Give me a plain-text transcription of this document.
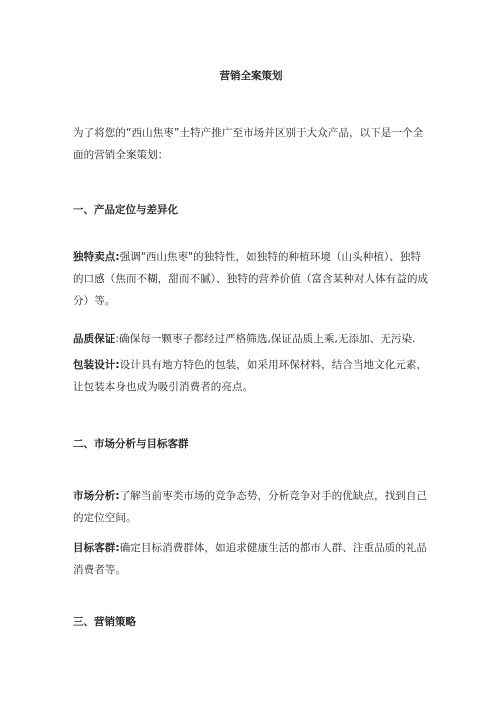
营销全案策划

为了将您的“西山焦枣”土特产推广至市场并区别于大众产品，以下是一个全面的营销全案策划：

一、产品定位与差异化

独特卖点:强调"西山焦枣"的独特性，如独特的种植环境（山头种植）、独特的口感（焦而不糊，甜而不腻）、独特的营养价值（富含某种对人体有益的成分）等。

品质保证:确保每一颗枣子都经过严格筛选,保证品质上乘,无添加、无污染.

包装设计:设计具有地方特色的包装，如采用环保材料，结合当地文化元素，让包装本身也成为吸引消费者的亮点。

二、市场分析与目标客群

市场分析:了解当前枣类市场的竞争态势，分析竞争对手的优缺点，找到自己的定位空间。

目标客群:确定目标消费群体，如追求健康生活的都市人群、注重品质的礼品消费者等。

三、营销策略
